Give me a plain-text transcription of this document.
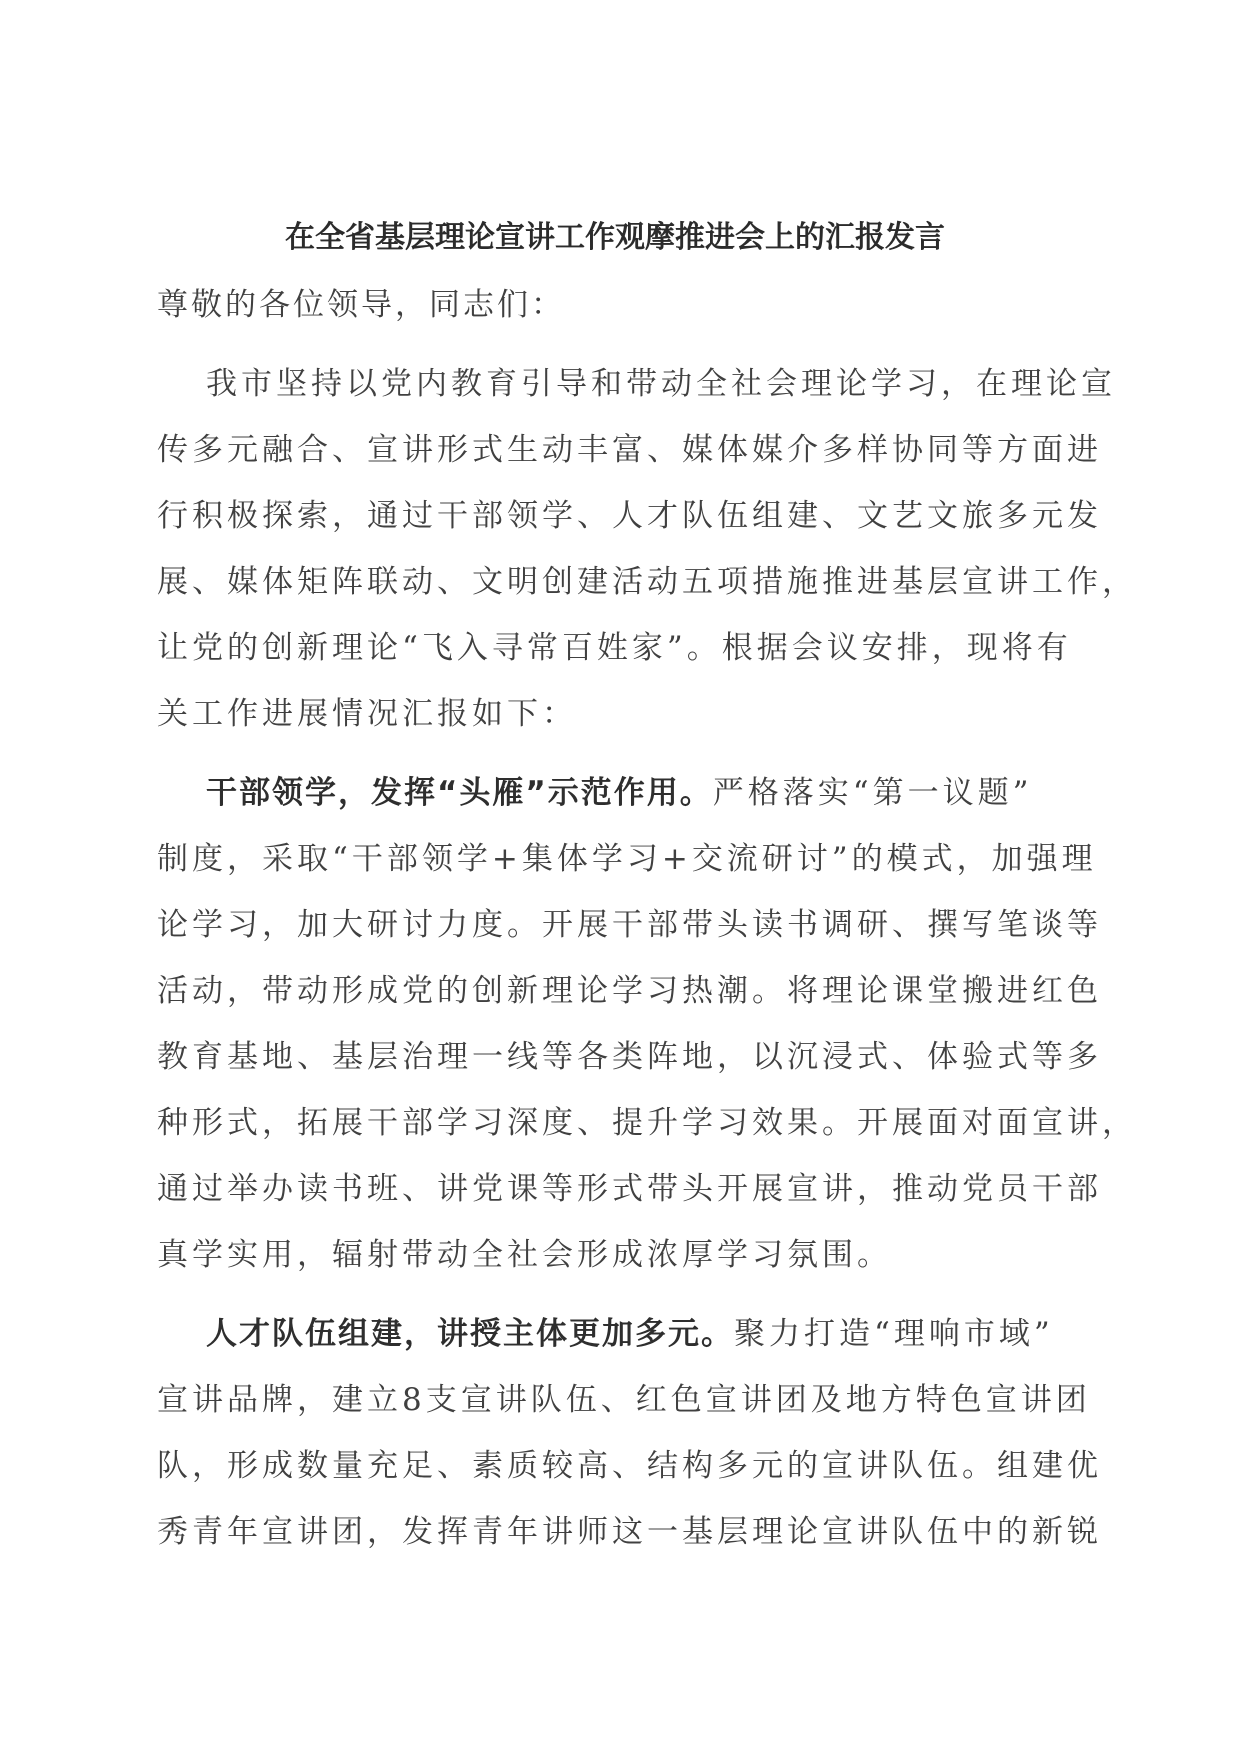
在全省基层理论宣讲工作观摩推进会上的汇报发言

尊敬的各位领导，同志们：

我市坚持以党内教育引导和带动全社会理论学习，在理论宣
传多元融合、宣讲形式生动丰富、媒体媒介多样协同等方面进
行积极探索，通过干部领学、人才队伍组建、文艺文旅多元发
展、媒体矩阵联动、文明创建活动五项措施推进基层宣讲工作，
让党的创新理论“飞入寻常百姓家”。根据会议安排，现将有
关工作进展情况汇报如下：

干部领学，发挥“头雁”示范作用。严格落实“第一议题”
制度，采取“干部领学+集体学习+交流研讨”的模式，加强理
论学习，加大研讨力度。开展干部带头读书调研、撰写笔谈等
活动，带动形成党的创新理论学习热潮。将理论课堂搬进红色
教育基地、基层治理一线等各类阵地，以沉浸式、体验式等多
种形式，拓展干部学习深度、提升学习效果。开展面对面宣讲，
通过举办读书班、讲党课等形式带头开展宣讲，推动党员干部
真学实用，辐射带动全社会形成浓厚学习氛围。

人才队伍组建，讲授主体更加多元。聚力打造“理响市域”
宣讲品牌，建立8支宣讲队伍、红色宣讲团及地方特色宣讲团
队，形成数量充足、素质较高、结构多元的宣讲队伍。组建优
秀青年宣讲团，发挥青年讲师这一基层理论宣讲队伍中的新锐
